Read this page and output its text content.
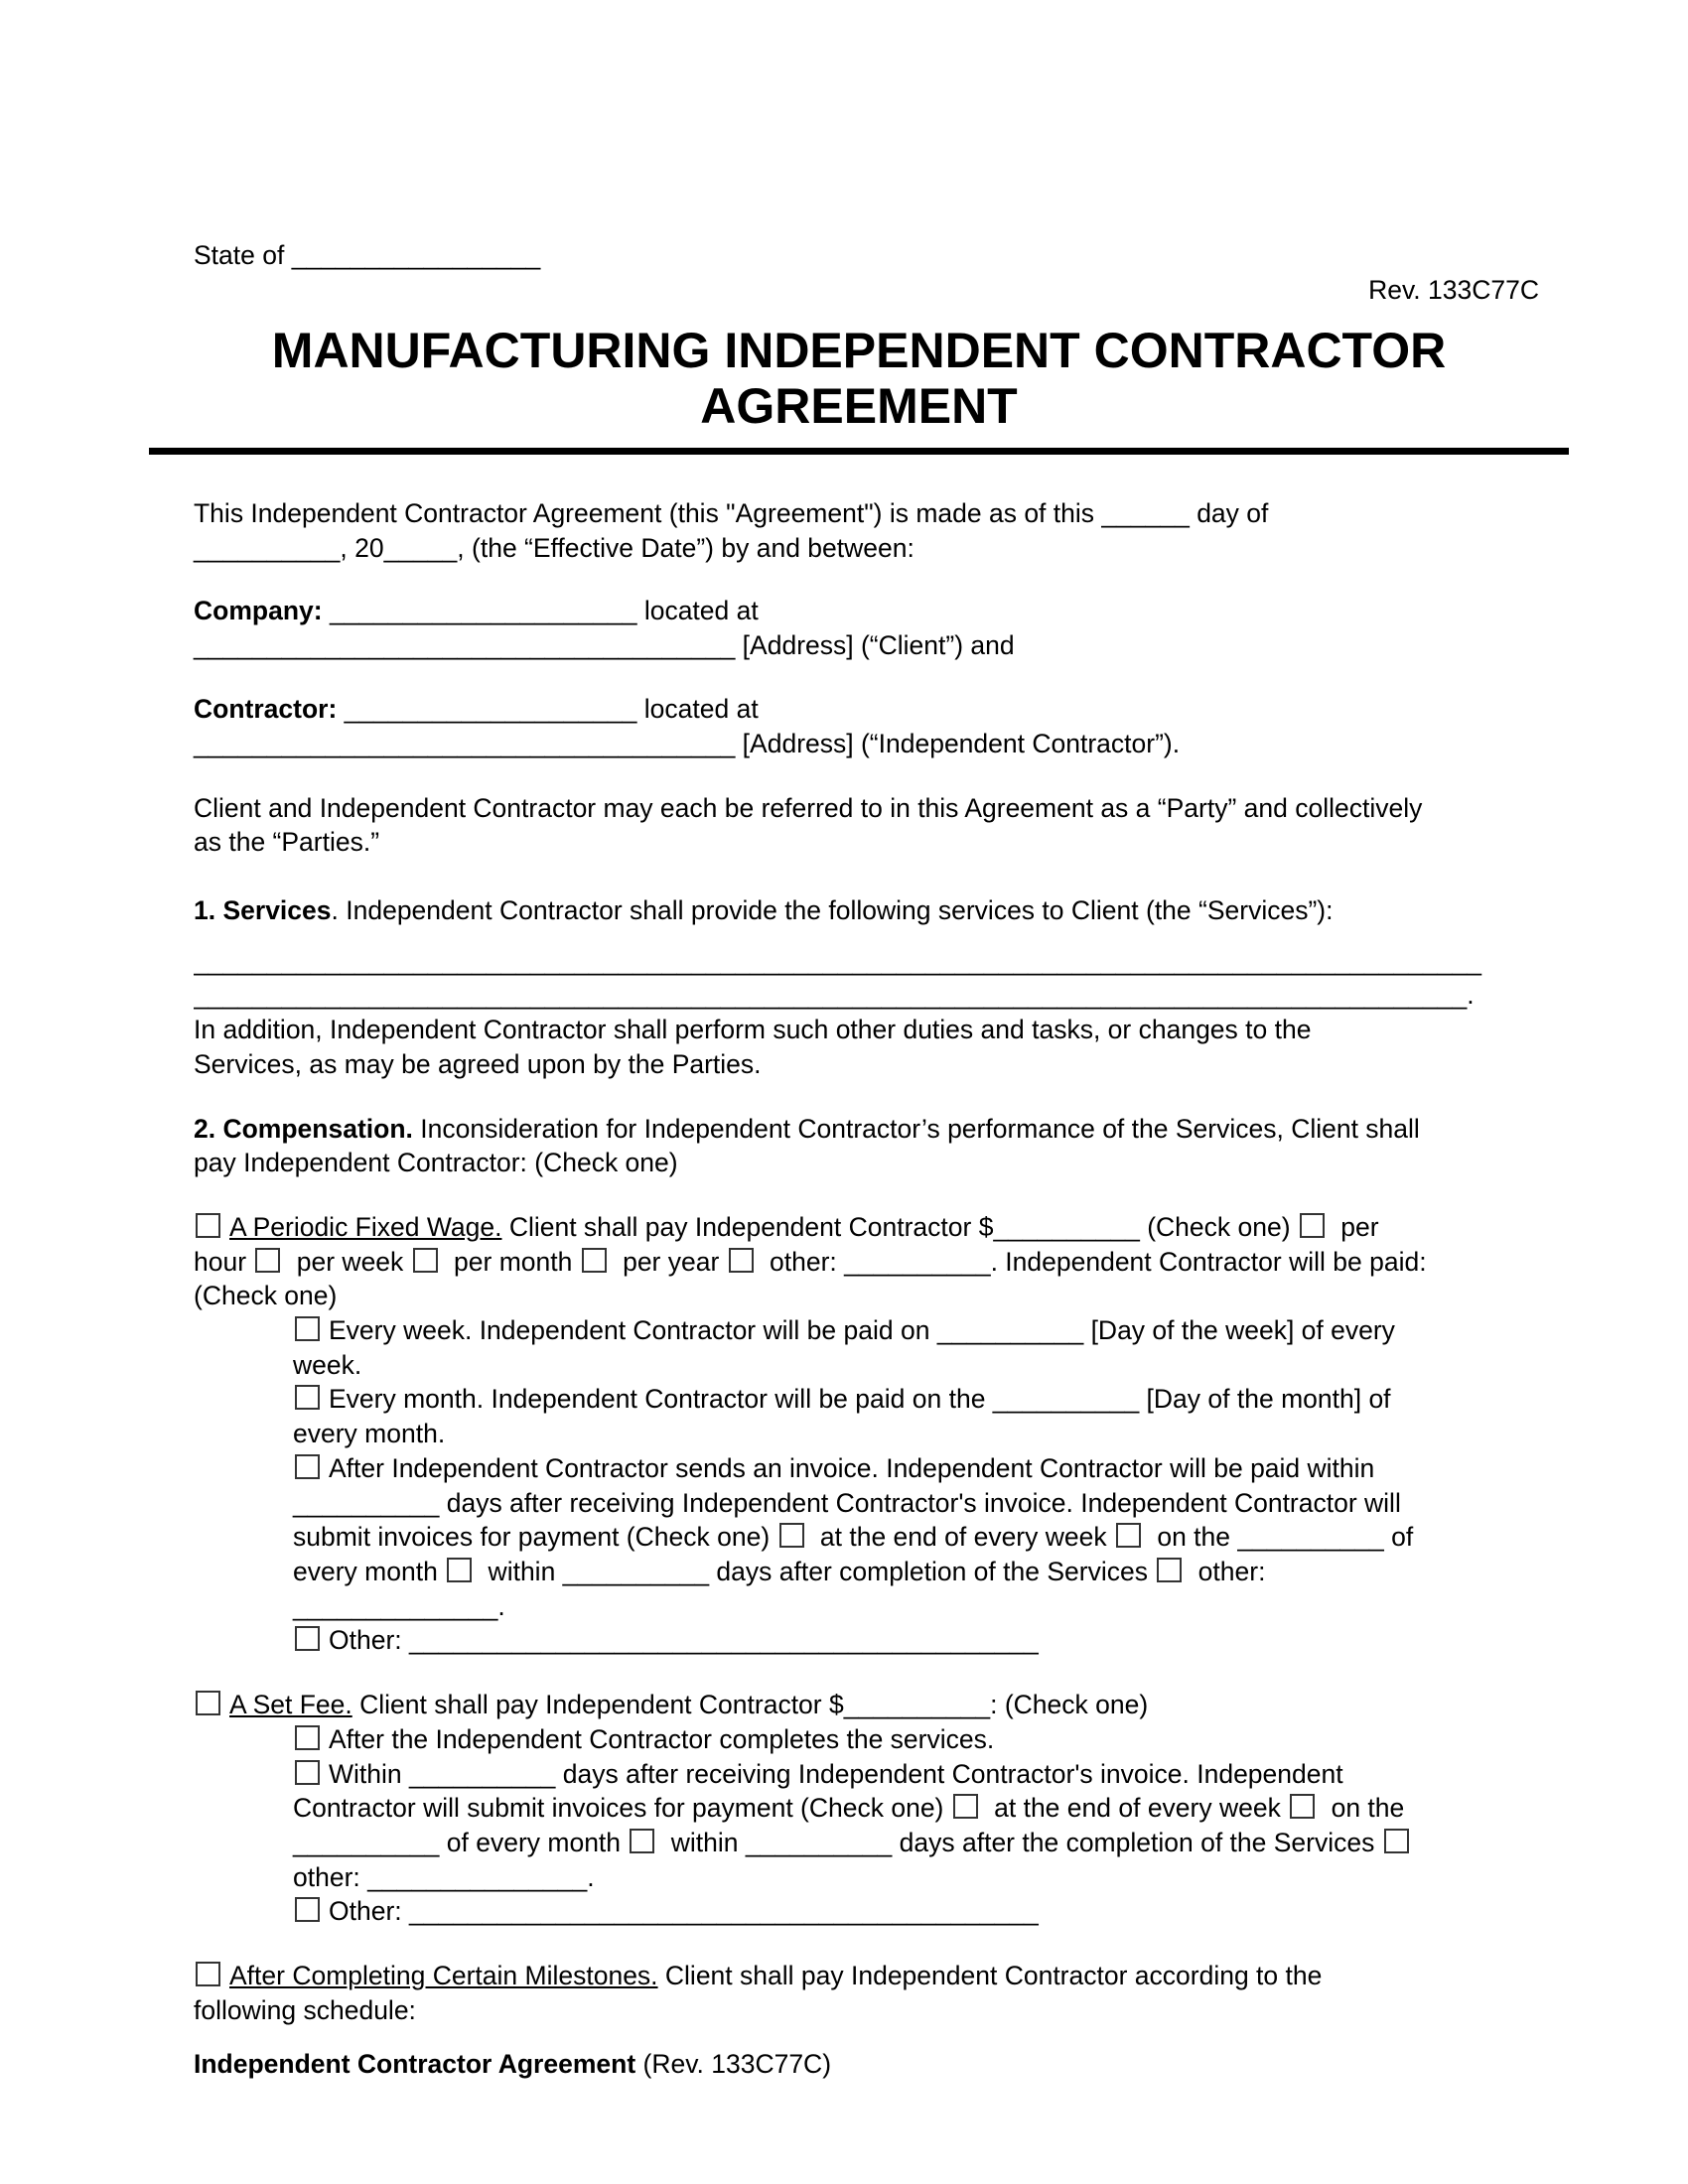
State of _________________

Rev. 133C77C

MANUFACTURING INDEPENDENT CONTRACTOR AGREEMENT

This Independent Contractor Agreement (this "Agreement") is made as of this ______ day of
__________, 20_____, (the “Effective Date”) by and between:

Company: _____________________ located at
_____________________________________ [Address] (“Client”) and

Contractor: ____________________ located at
_____________________________________ [Address] (“Independent Contractor”).

Client and Independent Contractor may each be referred to in this Agreement as a “Party” and collectively
as the “Parties.”

1. Services. Independent Contractor shall provide the following services to Client (the “Services”):

________________________________________________________________________________________

_______________________________________________________________________________________.

In addition, Independent Contractor shall perform such other duties and tasks, or changes to the
Services, as may be agreed upon by the Parties.

2. Compensation. Inconsideration for Independent Contractor’s performance of the Services, Client shall
pay Independent Contractor: (Check one)

A Periodic Fixed Wage. Client shall pay Independent Contractor $__________ (Check one)  per
hour  per week  per month  per year  other: __________. Independent Contractor will be paid:
(Check one)

Every week. Independent Contractor will be paid on __________ [Day of the week] of every
week.

Every month. Independent Contractor will be paid on the __________ [Day of the month] of
every month.

After Independent Contractor sends an invoice. Independent Contractor will be paid within
__________ days after receiving Independent Contractor's invoice. Independent Contractor will
submit invoices for payment (Check one)  at the end of every week  on the __________ of
every month  within __________ days after completion of the Services  other:
______________.

Other: ___________________________________________

A Set Fee. Client shall pay Independent Contractor $__________: (Check one)

After the Independent Contractor completes the services.

Within __________ days after receiving Independent Contractor's invoice. Independent
Contractor will submit invoices for payment (Check one)  at the end of every week  on the
__________ of every month  within __________ days after the completion of the Services
other: _______________.

Other: ___________________________________________

After Completing Certain Milestones. Client shall pay Independent Contractor according to the
following schedule:

Independent Contractor Agreement (Rev. 133C77C)
